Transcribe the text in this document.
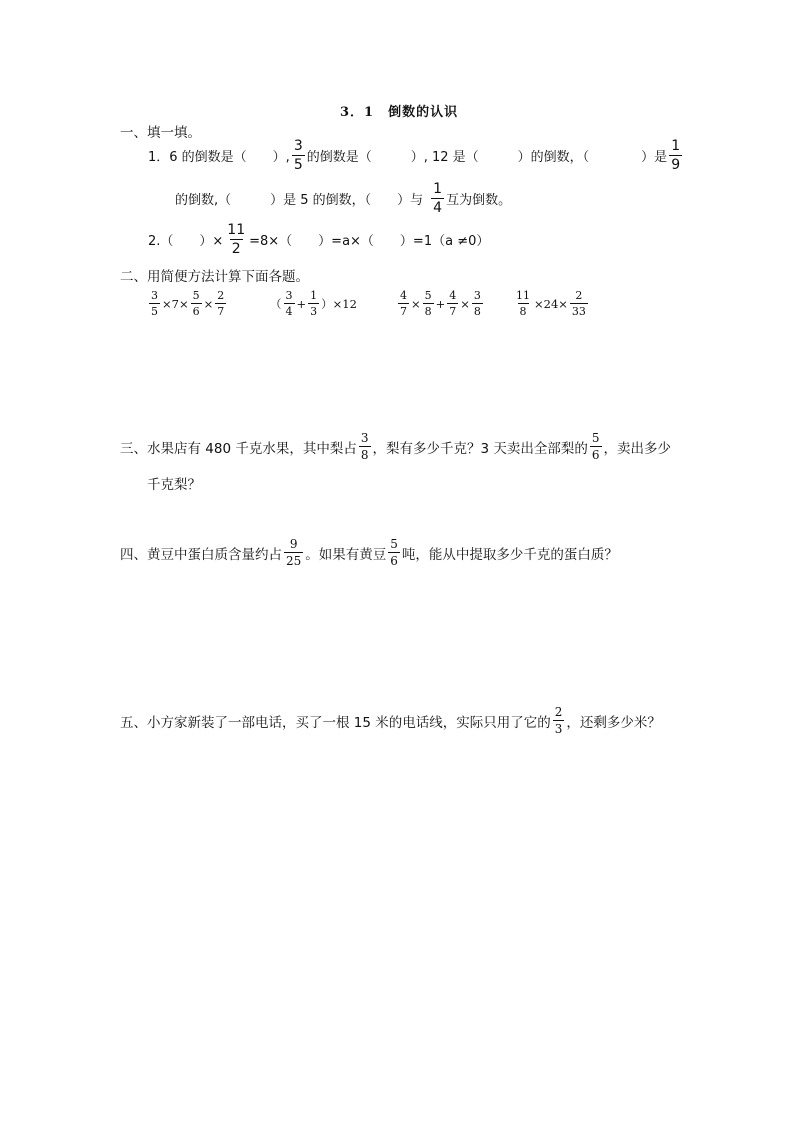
3．1　倒数的认识
一、填一填。
1．6 的倒数是（　　）, $\frac{3}{5}$ 的倒数是（　　　）, 12 是（　　　）的倒数，（　　　　）是 $\frac{1}{9}$
的倒数,（　　　）是 5 的倒数，（　　）与 $\frac{1}{4}$ 互为倒数。
2.（　　）× $\frac{11}{2} =8\times$（　　）=a×（　　）=1（a ≠0）
二、用简便方法计算下面各题。
$\frac{3}{5} \times 7\times \frac{5}{6} \times \frac{2}{7}$	（ $\frac{3}{4} + \frac{1}{3} )\times 12$	$\frac{4}{7} \times \frac{5}{8} + \frac{4}{7} \times \frac{3}{8}$	$\frac{11}{8} \times 24\times \frac{2}{33}$
三、水果店有 480 千克水果，其中梨占 $\frac{3}{8}$ ，梨有多少千克？3 天卖出全部梨的 $\frac{5}{6}$ ，卖出多少
千克梨？
四、黄豆中蛋白质含量约占 $\frac{9}{25}$ 。如果有黄豆 $\frac{5}{6}$ 吨，能从中提取多少千克的蛋白质？
五、小方家新装了一部电话，买了一根 15 米的电话线，实际只用了它的 $\frac{2}{3}$ ，还剩多少米？
